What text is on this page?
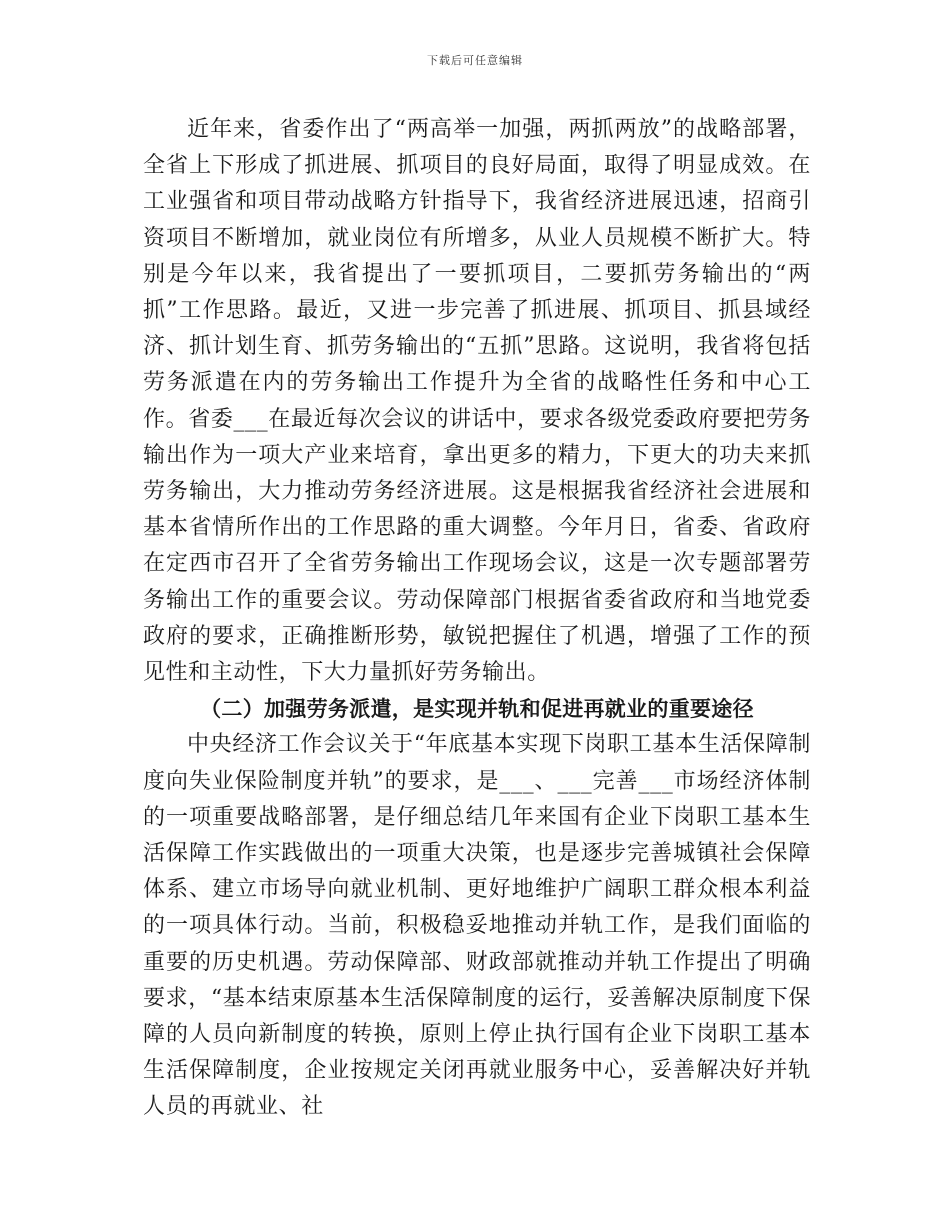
下载后可任意编辑

近年来，省委作出了“两高举一加强，两抓两放”的战略部署，全省上下形成了抓进展、抓项目的良好局面，取得了明显成效。在工业强省和项目带动战略方针指导下，我省经济进展迅速，招商引资项目不断增加，就业岗位有所增多，从业人员规模不断扩大。特别是今年以来，我省提出了一要抓项目，二要抓劳务输出的“两抓”工作思路。最近，又进一步完善了抓进展、抓项目、抓县域经济、抓计划生育、抓劳务输出的“五抓”思路。这说明，我省将包括劳务派遣在内的劳务输出工作提升为全省的战略性任务和中心工作。省委___在最近每次会议的讲话中，要求各级党委政府要把劳务输出作为一项大产业来培育，拿出更多的精力，下更大的功夫来抓劳务输出，大力推动劳务经济进展。这是根据我省经济社会进展和基本省情所作出的工作思路的重大调整。今年月日，省委、省政府在定西市召开了全省劳务输出工作现场会议，这是一次专题部署劳务输出工作的重要会议。劳动保障部门根据省委省政府和当地党委政府的要求，正确推断形势，敏锐把握住了机遇，增强了工作的预见性和主动性，下大力量抓好劳务输出。

（二）加强劳务派遣，是实现并轨和促进再就业的重要途径

中央经济工作会议关于“年底基本实现下岗职工基本生活保障制度向失业保险制度并轨”的要求，是___、___完善___市场经济体制的一项重要战略部署，是仔细总结几年来国有企业下岗职工基本生活保障工作实践做出的一项重大决策，也是逐步完善城镇社会保障体系、建立市场导向就业机制、更好地维护广阔职工群众根本利益的一项具体行动。当前，积极稳妥地推动并轨工作，是我们面临的重要的历史机遇。劳动保障部、财政部就推动并轨工作提出了明确要求，“基本结束原基本生活保障制度的运行，妥善解决原制度下保障的人员向新制度的转换，原则上停止执行国有企业下岗职工基本生活保障制度，企业按规定关闭再就业服务中心，妥善解决好并轨人员的再就业、社
